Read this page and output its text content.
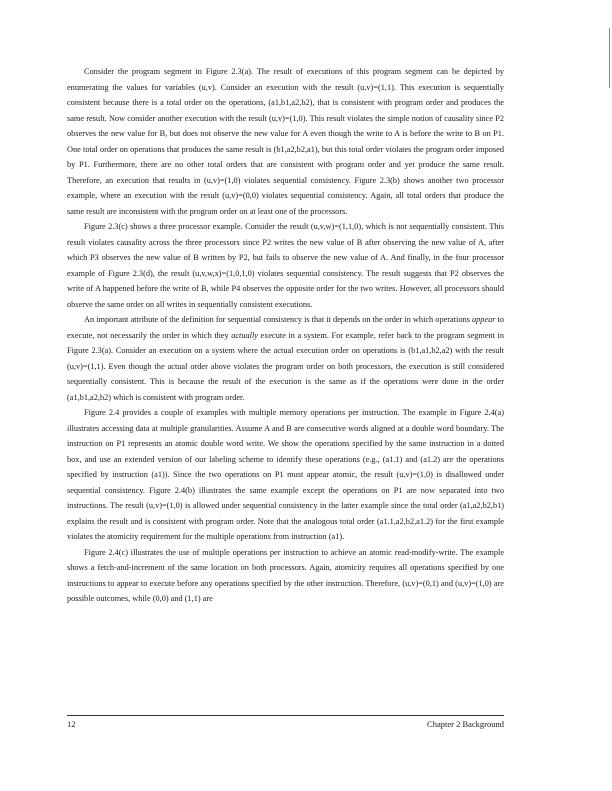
Consider the program segment in Figure 2.3(a). The result of executions of this program segment can be depicted by enumerating the values for variables (u,v). Consider an execution with the result (u,v)=(1,1). This execution is sequentially consistent because there is a total order on the operations, (a1,b1,a2,b2), that is consistent with program order and produces the same result. Now consider another execution with the result (u,v)=(1,0). This result violates the simple notion of causality since P2 observes the new value for B, but does not observe the new value for A even though the write to A is before the write to B on P1. One total order on operations that produces the same result is (b1,a2,b2,a1), but this total order violates the program order imposed by P1. Furthermore, there are no other total orders that are consistent with program order and yet produce the same result. Therefore, an execution that results in (u,v)=(1,0) violates sequential consistency. Figure 2.3(b) shows another two processor example, where an execution with the result (u,v)=(0,0) violates sequential consistency. Again, all total orders that produce the same result are inconsistent with the program order on at least one of the processors.

Figure 2.3(c) shows a three processor example. Consider the result (u,v,w)=(1,1,0), which is not sequentially consistent. This result violates causality across the three processors since P2 writes the new value of B after observing the new value of A, after which P3 observes the new value of B written by P2, but fails to observe the new value of A. And finally, in the four processor example of Figure 2.3(d), the result (u,v,w,x)=(1,0,1,0) violates sequential consistency. The result suggests that P2 observes the write of A happened before the write of B, while P4 observes the opposite order for the two writes. However, all processors should observe the same order on all writes in sequentially consistent executions.

An important attribute of the definition for sequential consistency is that it depends on the order in which operations appear to execute, not necessarily the order in which they actually execute in a system. For example, refer back to the program segment in Figure 2.3(a). Consider an execution on a system where the actual execution order on operations is (b1,a1,b2,a2) with the result (u,v)=(1,1). Even though the actual order above violates the program order on both processors, the execution is still considered sequentially consistent. This is because the result of the execution is the same as if the operations were done in the order (a1,b1,a2,b2) which is consistent with program order.

Figure 2.4 provides a couple of examples with multiple memory operations per instruction. The example in Figure 2.4(a) illustrates accessing data at multiple granularities. Assume A and B are consecutive words aligned at a double word boundary. The instruction on P1 represents an atomic double word write. We show the operations specified by the same instruction in a dotted box, and use an extended version of our labeling scheme to identify these operations (e.g., (a1.1) and (a1.2) are the operations specified by instruction (a1)). Since the two operations on P1 must appear atomic, the result (u,v)=(1,0) is disallowed under sequential consistency. Figure 2.4(b) illustrates the same example except the operations on P1 are now separated into two instructions. The result (u,v)=(1,0) is allowed under sequential consistency in the latter example since the total order (a1,a2,b2,b1) explains the result and is consistent with program order. Note that the analogous total order (a1.1,a2,b2,a1.2) for the first example violates the atomicity requirement for the multiple operations from instruction (a1).

Figure 2.4(c) illustrates the use of multiple operations per instruction to achieve an atomic read-modify-write. The example shows a fetch-and-increment of the same location on both processors. Again, atomicity requires all operations specified by one instructions to appear to execute before any operations specified by the other instruction. Therefore, (u,v)=(0,1) and (u,v)=(1,0) are possible outcomes, while (0,0) and (1,1) are

12	Chapter 2 Background
